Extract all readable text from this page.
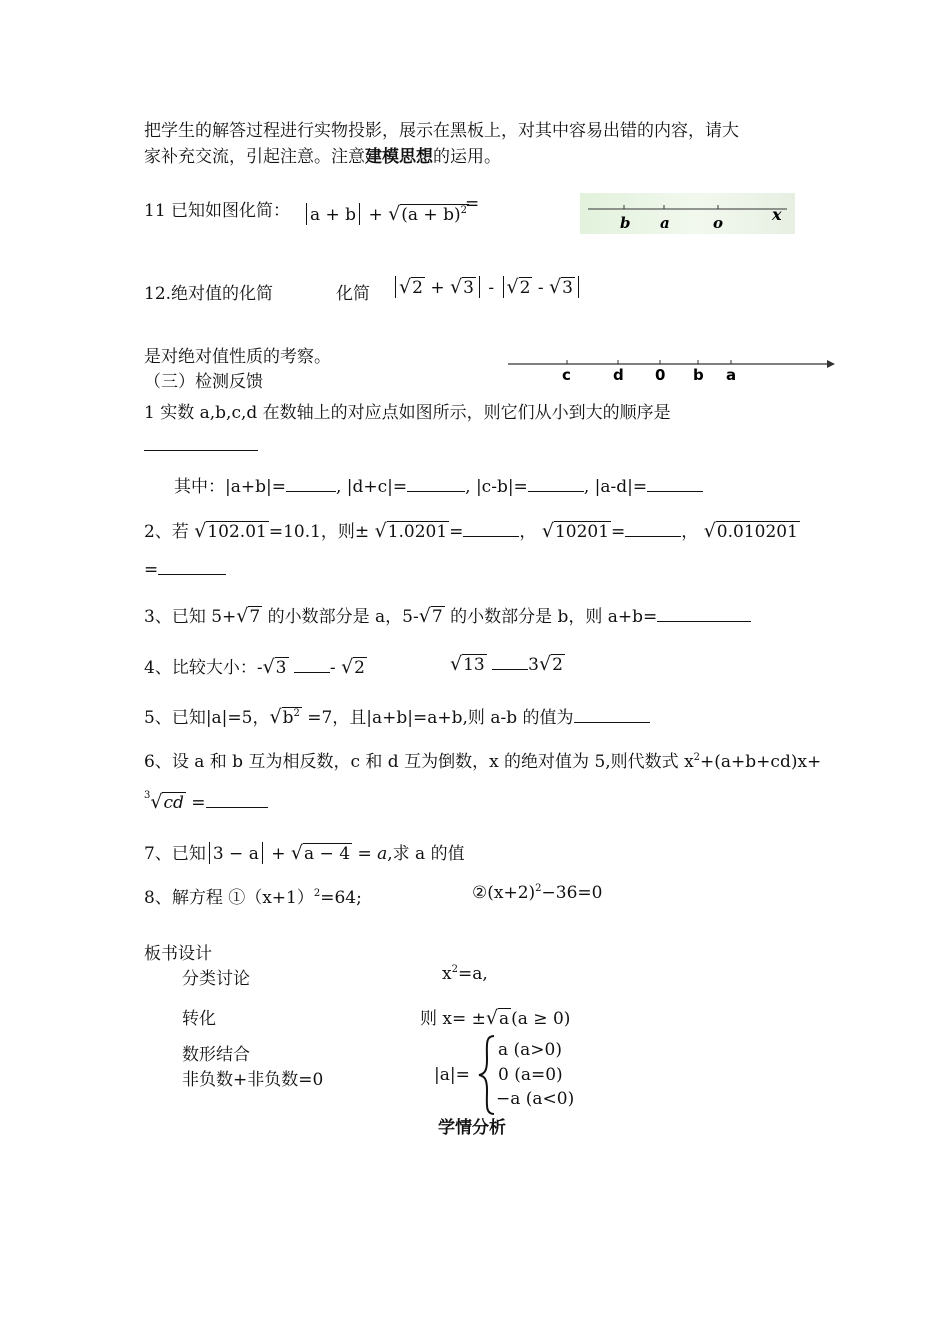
把学生的解答过程进行实物投影，展示在黑板上，对其中容易出错的内容，请大
家补充交流，引起注意。注意建模思想的运用。
11 已知如图化简：	$a + b + √(a + b)^2$
=
b a	o	x
12.绝对值的化简	化简	√2 + √3 - √2 - √3
是对绝对值性质的考察。
（三）检测反馈	c	d 0 b a
1 实数 a,b,c,d 在数轴上的对应点如图所示，则它们从小到大的顺序是
其中：|a+b|=	, |d+c|=	, |c-b|=	, |a-d|=
2、若 √102.01 =10.1，则± √1.0201 =	， √10201 =	， √0.010201
=
3、已知 5+√7 的小数部分是 a，5-√7 的小数部分是 b，则 a+b=
4、比较大小：-√3	- √2	√13	3√2
5、已知|a|=5，$√b^2 =7$，且|a+b|=a+b,则 a-b 的值为
6、设 a 和 b 互为相反数，c 和 d 互为倒数，x 的绝对值为 5,则代数式 $x^2+(a+b+cd)x+$
$^3$√cd =
7、已知 3 − a + √a − 4 = a,求 a 的值
8、解方程 $①(x+1)^2=64$;	$②(x+2)^2-36=0$
板书设计
分类讨论
转化
数形结合
非负数+非负数=0
$x^2=a$,
则 x= ±√a (a ≥ 0)
|a|=
a (a>0)
0 (a=0)
−a (a<0)
学情分析
